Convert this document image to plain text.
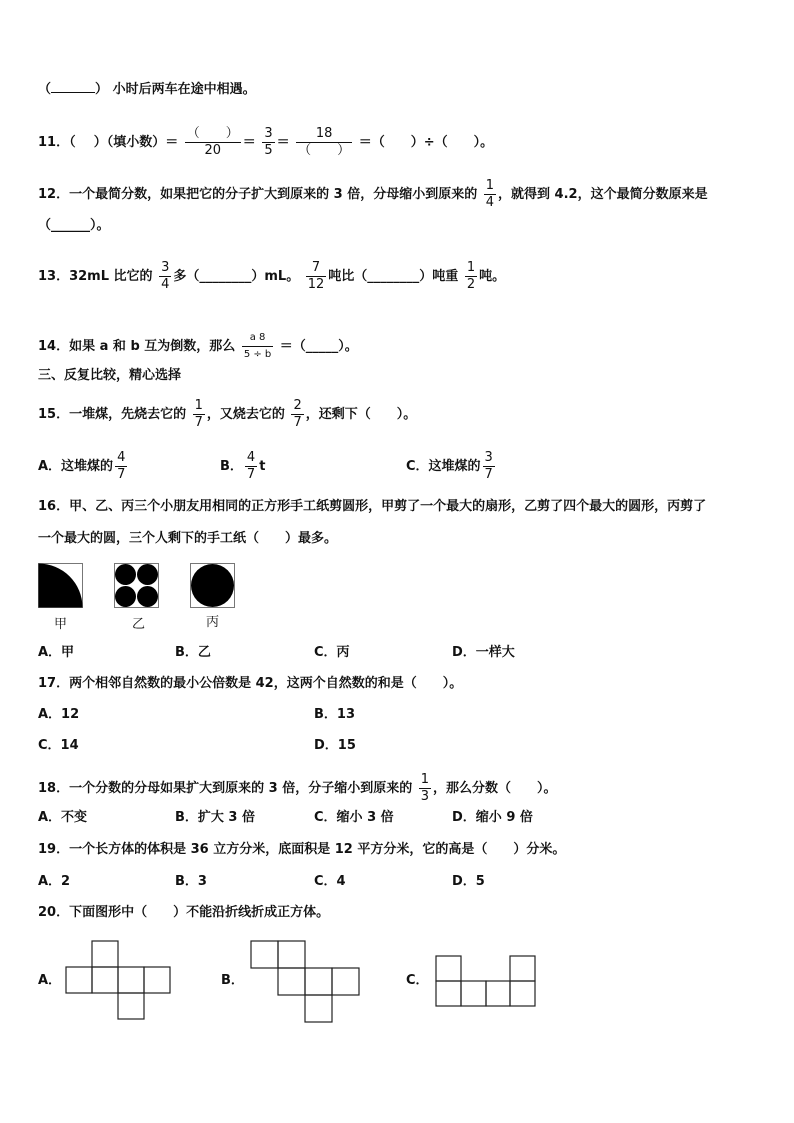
（	） 小时后两车在途中相遇。
11．（ ）（填小数）＝ $\frac{( )}{20} = \frac{3}{5} = \frac{18}{( )}$ ＝（　　）÷（　　）。
12．一个最简分数，如果把它的分子扩大到原来的 3 倍，分母缩小到原来的 $\frac{1}{4}$ ，就得到 4.2，这个最简分数原来是
（______）。
13．32mL 比它的 $\frac{3}{4}$ 多（________）mL。 $\frac{7}{12}$ 吨比（________）吨重 $\frac{1}{2}$ 吨。
14．如果 a 和 b 互为倒数，那么 $\frac{a 8}{5 \div b}$ ＝（_____）。
三、反复比较，精心选择
15．一堆煤，先烧去它的 $\frac{1}{7}$ ，又烧去它的 $\frac{2}{7}$ ，还剩下（　　）。
A．这堆煤的 $\frac{4}{7}$	B． $\frac{4}{7}$ t	C．这堆煤的 $\frac{3}{7}$
16．甲、乙、丙三个小朋友用相同的正方形手工纸剪圆形，甲剪了一个最大的扇形，乙剪了四个最大的圆形，丙剪了
一个最大的圆，三个人剩下的手工纸（　　）最多。
甲	乙	丙
A．甲	B．乙	C．丙	D．一样大
17．两个相邻自然数的最小公倍数是 42，这两个自然数的和是（　　）。
A．12	B．13
C．14	D．15
18．一个分数的分母如果扩大到原来的 3 倍，分子缩小到原来的 $\frac{1}{3}$ ，那么分数（　　）。
A．不变	B．扩大 3 倍	C．缩小 3 倍	D．缩小 9 倍
19．一个长方体的体积是 36 立方分米，底面积是 12 平方分米，它的高是（　　）分米。
A．2	B．3	C．4	D．5
20．下面图形中（　　）不能沿折线折成正方体。
A．	B．	C．
